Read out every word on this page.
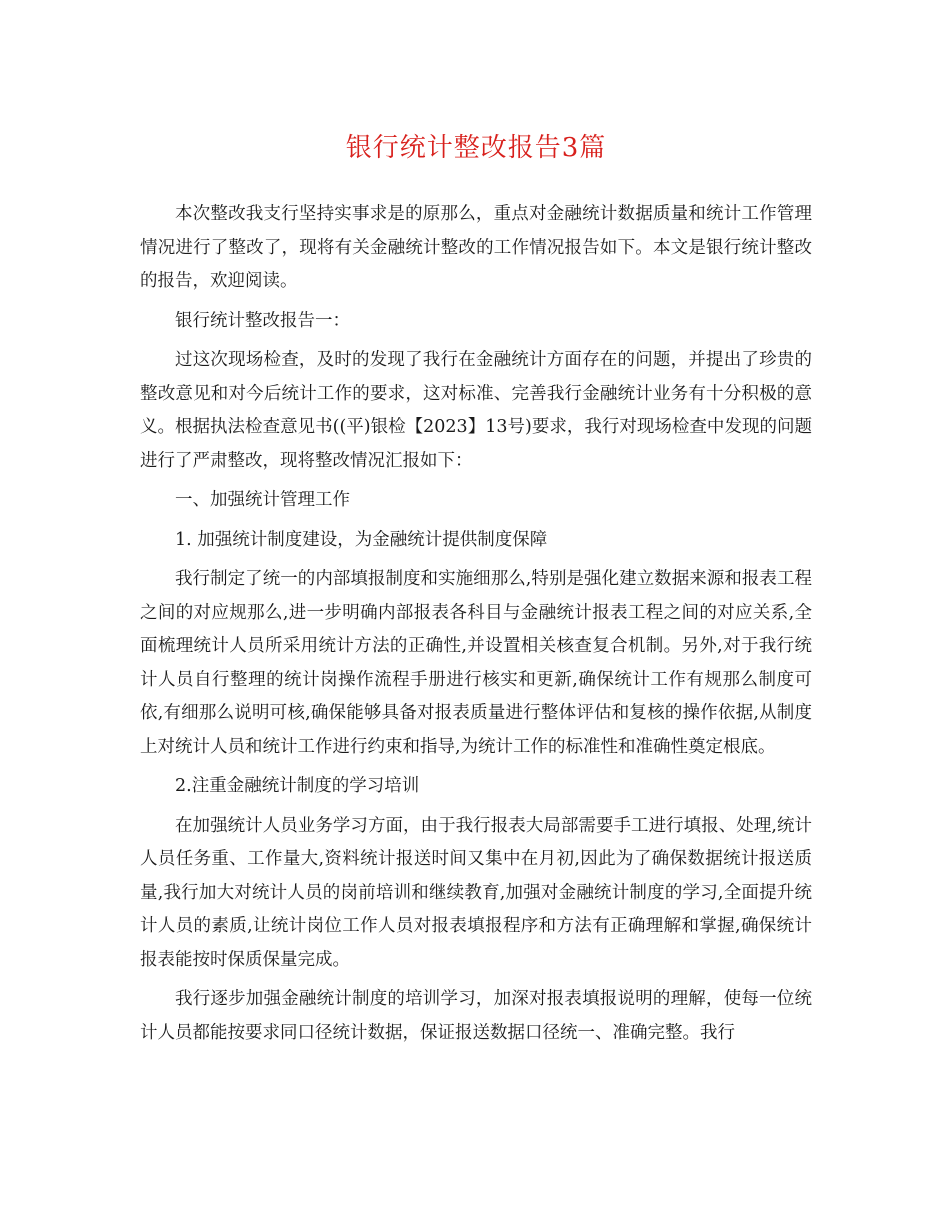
银行统计整改报告3篇

本次整改我支行坚持实事求是的原那么，重点对金融统计数据质量和统计工作管理情况进行了整改了，现将有关金融统计整改的工作情况报告如下。本文是银行统计整改的报告，欢迎阅读。

银行统计整改报告一：

过这次现场检查，及时的发现了我行在金融统计方面存在的问题，并提出了珍贵的整改意见和对今后统计工作的要求，这对标准、完善我行金融统计业务有十分积极的意义。根据执法检查意见书((平)银检【2023】13号)要求，我行对现场检查中发现的问题进行了严肃整改，现将整改情况汇报如下：

一、加强统计管理工作

1. 加强统计制度建设，为金融统计提供制度保障

我行制定了统一的内部填报制度和实施细那么,特别是强化建立数据来源和报表工程之间的对应规那么,进一步明确内部报表各科目与金融统计报表工程之间的对应关系,全面梳理统计人员所采用统计方法的正确性,并设置相关核查复合机制。另外,对于我行统计人员自行整理的统计岗操作流程手册进行核实和更新,确保统计工作有规那么制度可依,有细那么说明可核,确保能够具备对报表质量进行整体评估和复核的操作依据,从制度上对统计人员和统计工作进行约束和指导,为统计工作的标准性和准确性奠定根底。

2.注重金融统计制度的学习培训

在加强统计人员业务学习方面，由于我行报表大局部需要手工进行填报、处理,统计人员任务重、工作量大,资料统计报送时间又集中在月初,因此为了确保数据统计报送质量,我行加大对统计人员的岗前培训和继续教育,加强对金融统计制度的学习,全面提升统计人员的素质,让统计岗位工作人员对报表填报程序和方法有正确理解和掌握,确保统计报表能按时保质保量完成。

我行逐步加强金融统计制度的培训学习，加深对报表填报说明的理解，使每一位统计人员都能按要求同口径统计数据，保证报送数据口径统一、准确完整。我行
